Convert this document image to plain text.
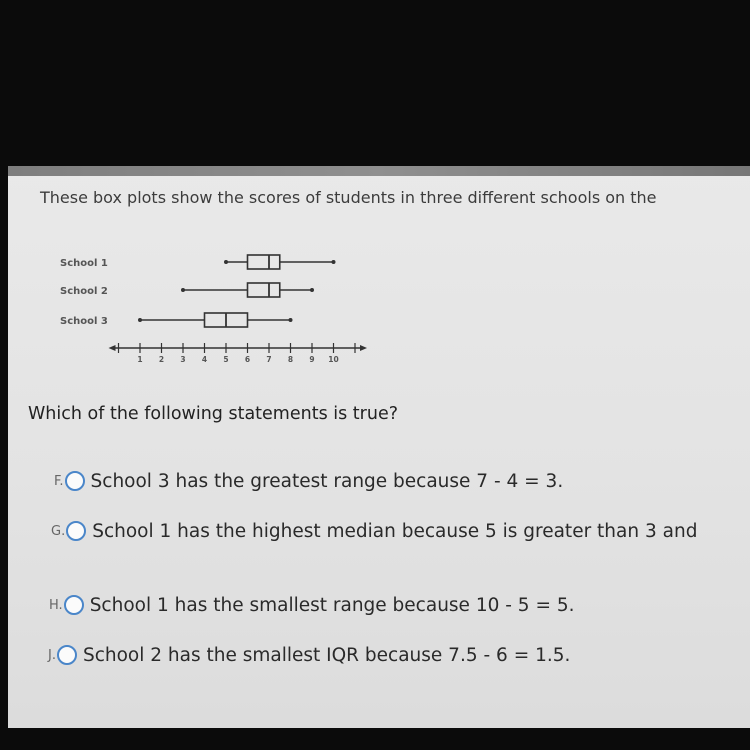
These box plots show the scores of students in three different schools on the
School 1
School 2
School 3
1 2 3 4 5 6 7 8 9 10
Which of the following statements is true?
F. School 3 has the greatest range because 7 - 4 = 3.
G. School 1 has the highest median because 5 is greater than 3 and
H. School 1 has the smallest range because 10 - 5 = 5.
J. School 2 has the smallest IQR because 7.5 - 6 = 1.5.
